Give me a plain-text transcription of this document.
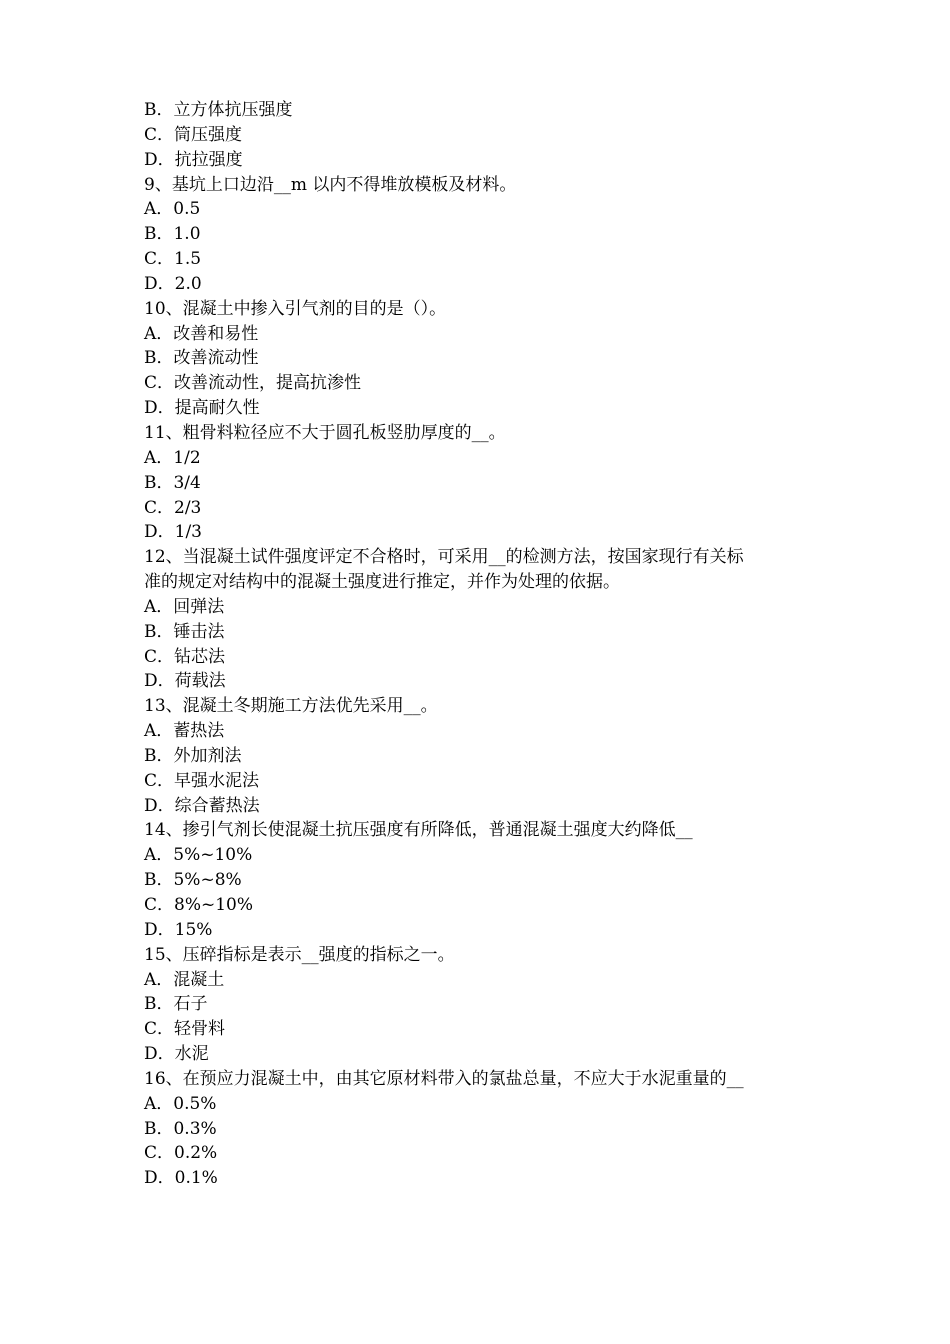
B．立方体抗压强度
C．筒压强度
D．抗拉强度
9、基坑上口边沿__m 以内不得堆放模板及材料。
A．0.5
B．1.0
C．1.5
D．2.0
10、混凝土中掺入引气剂的目的是（）。
A．改善和易性
B．改善流动性
C．改善流动性，提高抗渗性
D．提高耐久性
11、粗骨料粒径应不大于圆孔板竖肋厚度的__。
A．1/2
B．3/4
C．2/3
D．1/3
12、当混凝土试件强度评定不合格时，可采用__的检测方法，按国家现行有关标
准的规定对结构中的混凝土强度进行推定，并作为处理的依据。
A．回弹法
B．锤击法
C．钻芯法
D．荷载法
13、混凝土冬期施工方法优先采用__。
A．蓄热法
B．外加剂法
C．早强水泥法
D．综合蓄热法
14、掺引气剂长使混凝土抗压强度有所降低，普通混凝土强度大约降低__
A．5%~10%
B．5%~8%
C．8%~10%
D．15%
15、压碎指标是表示__强度的指标之一。
A．混凝土
B．石子
C．轻骨料
D．水泥
16、在预应力混凝土中，由其它原材料带入的氯盐总量，不应大于水泥重量的__
A．0.5%
B．0.3%
C．0.2%
D．0.1%
